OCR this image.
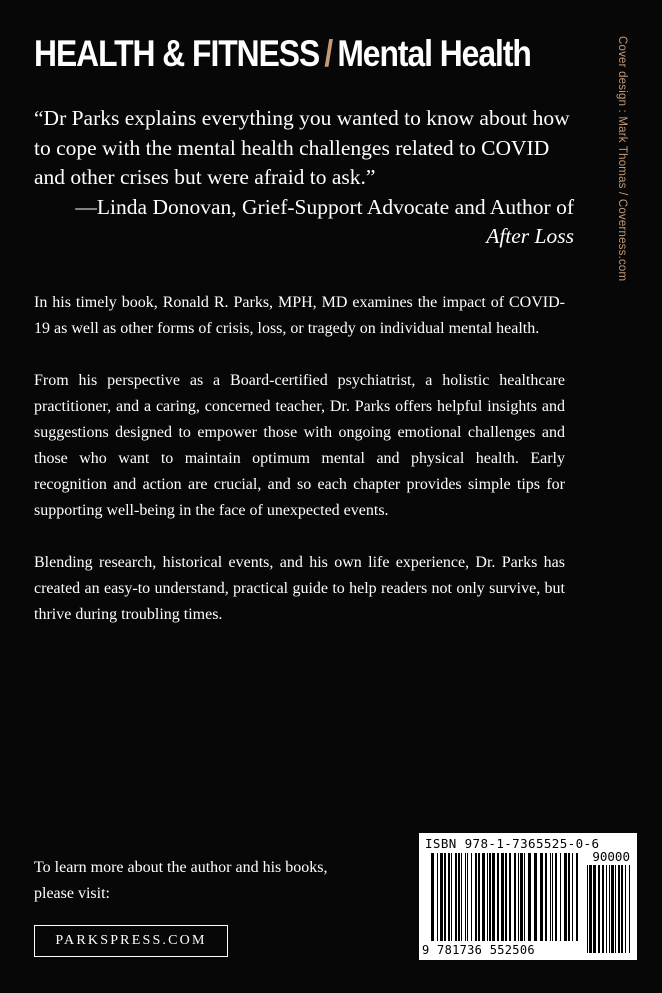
HEALTH & FITNESS / Mental Health	Cover design : Mark Thomas / Coverness.com

“Dr Parks explains everything you wanted to know about how to cope with the mental health challenges related to COVID and other crises but were afraid to ask.”

—Linda Donovan, Grief-Support Advocate and Author of
After Loss

In his timely book, Ronald R. Parks, MPH, MD examines the impact of COVID-19 as well as other forms of crisis, loss, or tragedy on individual mental health.

From his perspective as a Board-certified psychiatrist, a holistic healthcare practitioner, and a caring, concerned teacher, Dr. Parks offers helpful insights and suggestions designed to empower those with ongoing emotional challenges and those who want to maintain optimum mental and physical health. Early recognition and action are crucial, and so each chapter provides simple tips for supporting well-being in the face of unexpected events.

Blending research, historical events, and his own life experience, Dr. Parks has created an easy-to understand, practical guide to help readers not only survive, but thrive during troubling times.

To learn more about the author and his books,
please visit:
PARKSPRESS.COM
ISBN 978-1-7365525-0-6
90000
9 781736 552506
